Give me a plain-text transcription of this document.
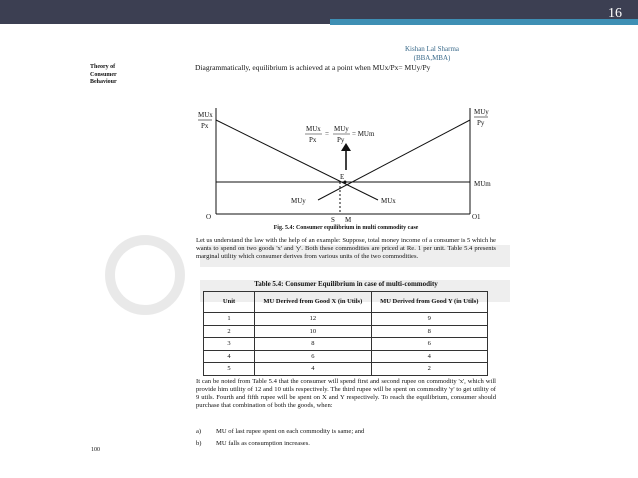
16
Kishan Lal Sharma
(BBA,MBA)
Theory of
Consumer
Behaviour
Diagrammatically, equilibrium is achieved at a point when MUx/Px= MUy/Py
MUx
Px
MUy
Py
MUm
MUx
Px
=
MUy
Py
= MUm
E
MUy	MUx
O	O1
S M
Fig. 5.4: Consumer equilibrium in multi commodity case
Let us understand the law with the help of an example: Suppose, total money income of a consumer is 5 which he wants to spend on two goods 'x' and 'y'. Both these commodities are priced at Re. 1 per unit. Table 5.4 presents marginal utility which consumer derives from various units of the two commodities.
Table 5.4: Consumer Equilibrium in case of multi-commodity
Unit	MU Derived from Good X (in Utils)	MU Derived from Good Y (in Utils)
1	12	9
2	10	8
3	8	6
4	6	4
5	4	2
It can be noted from Table 5.4 that the consumer will spend first and second rupee on commodity 'x', which will provide him utility of 12 and 10 utils respectively. The third rupee will be spent on commodity 'y' to get utility of 9 utils. Fourth and fifth rupee will be spent on X and Y respectively. To reach the equilibrium, consumer should purchase that combination of both the goods, when:
a) MU of last rupee spent on each commodity is same; and
b) MU falls as consumption increases.
100
